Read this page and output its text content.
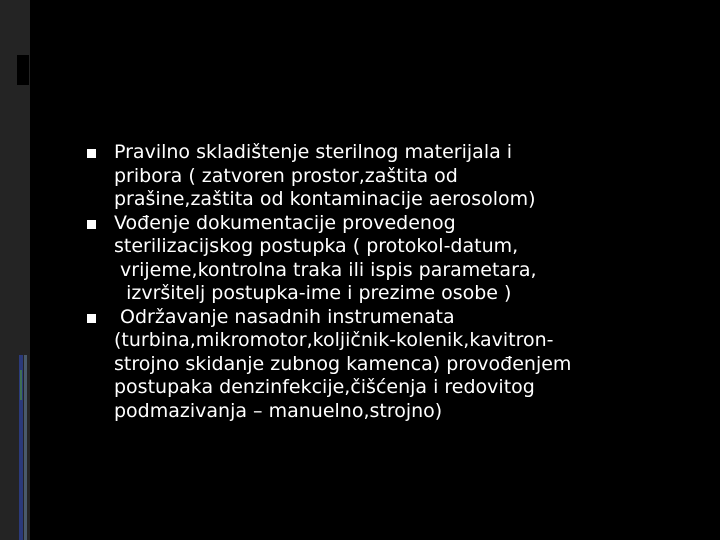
Pravilno skladištenje sterilnog materijala i
pribora ( zatvoren prostor,zaštita od
prašine,zaštita od kontaminacije aerosolom)
Vođenje dokumentacije provedenog
sterilizacijskog postupka ( protokol-datum,
vrijeme,kontrolna traka ili ispis parametara,
izvršitelj postupka-ime i prezime osobe )
Održavanje nasadnih instrumenata
(turbina,mikromotor,koljičnik-kolenik,kavitron-
strojno skidanje zubnog kamenca) provođenjem
postupaka denzinfekcije,čišćenja i redovitog
podmazivanja – manuelno,strojno)
